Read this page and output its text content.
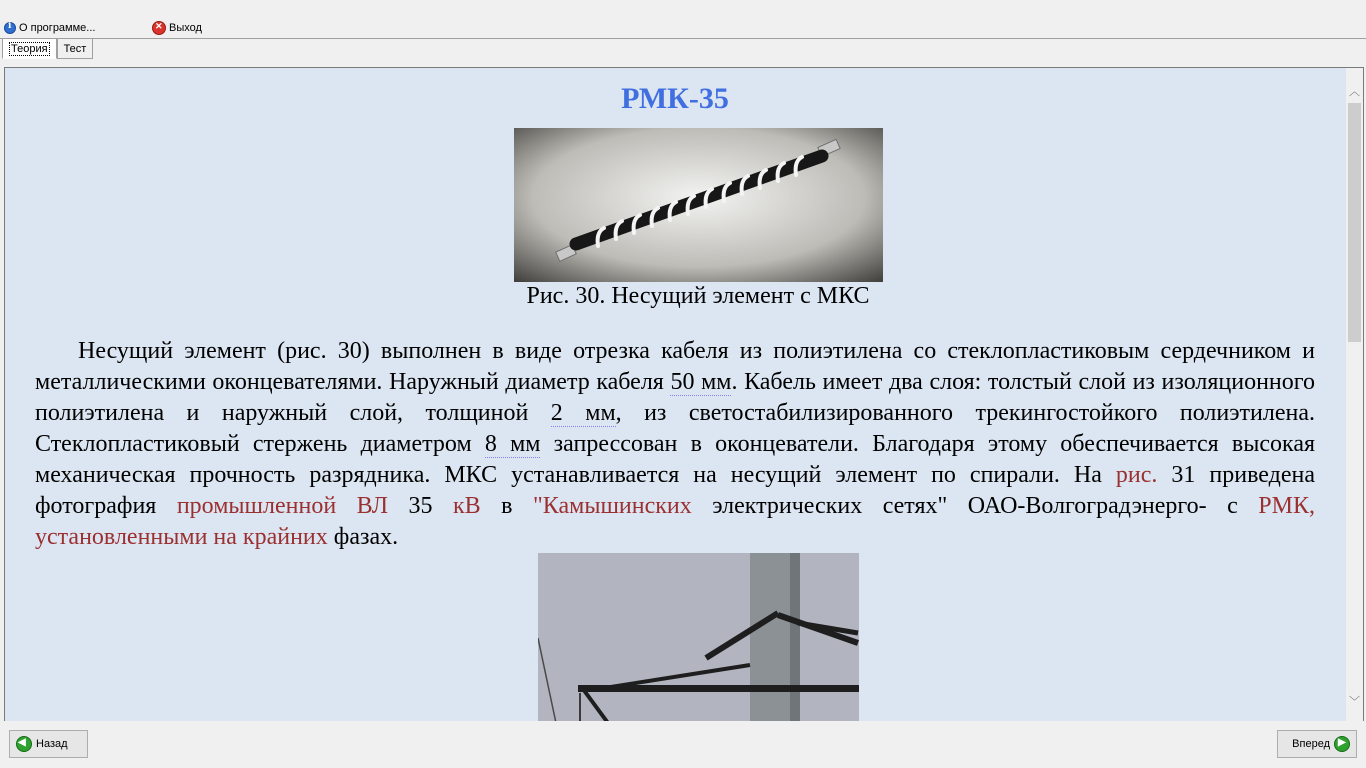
i
О программе...
✕	Выход
Теория Тест
РМК-35
Рис. 30. Несущий элемент с МКС
Несущий элемент (рис. 30) выполнен в виде отрезка кабеля из полиэтилена со стеклопластиковым сердечником и металлическими оконцевателями. Наружный диаметр кабеля 50 мм. Кабель имеет два слоя: толстый слой из изоляционного полиэтилена и наружный слой, толщиной 2 мм, из светостабилизированного трекингостойкого полиэтилена. Стеклопластиковый стержень диаметром 8 мм запрессован в оконцеватели. Благодаря этому обеспечивается высокая механическая прочность разрядника. МКС устанавливается на несущий элемент по спирали. На рис. 31 приведена фотография промышленной ВЛ 35 кВ в "Камышинских электрических сетях" ОАО-Волгоградэнерго- с РМК, установленными на крайних фазах.
︿
﹀
◀
Назад	Вперед
▶
